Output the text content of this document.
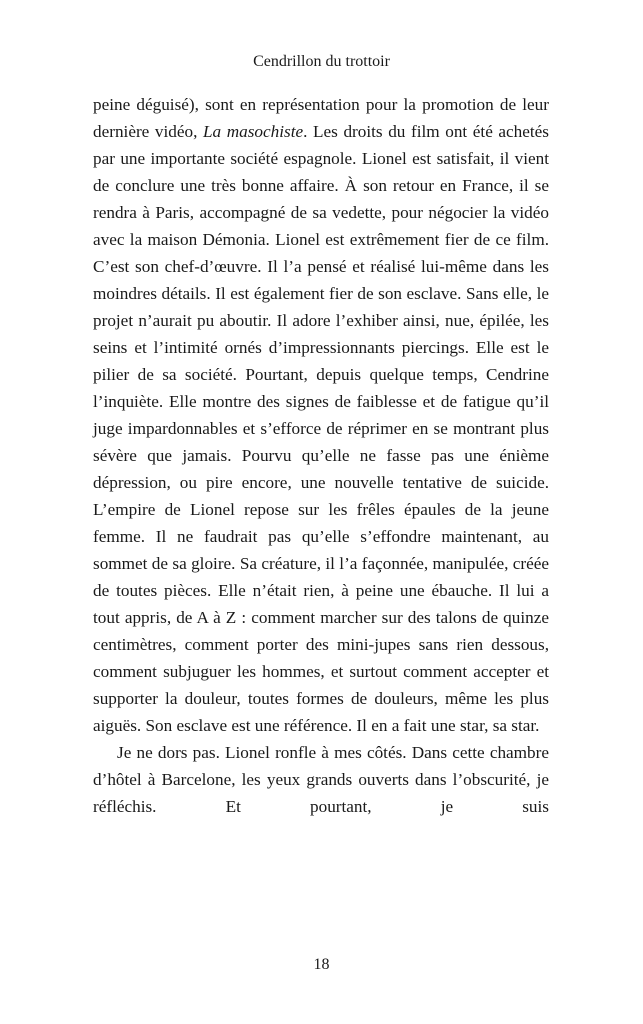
Cendrillon du trottoir

peine déguisé), sont en représentation pour la promotion de leur dernière vidéo, La masochiste. Les droits du film ont été achetés par une importante société espagnole. Lionel est satisfait, il vient de conclure une très bonne affaire. À son retour en France, il se rendra à Paris, accompagné de sa vedette, pour négocier la vidéo avec la maison Démonia. Lionel est extrêmement fier de ce film. C’est son chef-d’œuvre. Il l’a pensé et réalisé lui-même dans les moindres détails. Il est également fier de son esclave. Sans elle, le projet n’aurait pu aboutir. Il adore l’exhiber ainsi, nue, épilée, les seins et l’intimité ornés d’impressionnants piercings. Elle est le pilier de sa société. Pourtant, depuis quelque temps, Cendrine l’inquiète. Elle montre des signes de faiblesse et de fatigue qu’il juge impardonnables et s’efforce de réprimer en se montrant plus sévère que jamais. Pourvu qu’elle ne fasse pas une énième dépression, ou pire encore, une nouvelle tentative de suicide. L’empire de Lionel repose sur les frêles épaules de la jeune femme. Il ne faudrait pas qu’elle s’effondre maintenant, au sommet de sa gloire. Sa créature, il l’a façonnée, manipulée, créée de toutes pièces. Elle n’était rien, à peine une ébauche. Il lui a tout appris, de A à Z : comment marcher sur des talons de quinze centimètres, comment porter des mini-jupes sans rien dessous, comment subjuguer les hommes, et surtout comment accepter et supporter la douleur, toutes formes de douleurs, même les plus aiguës. Son esclave est une référence. Il en a fait une star, sa star.

Je ne dors pas. Lionel ronfle à mes côtés. Dans cette chambre d’hôtel à Barcelone, les yeux grands ouverts dans l’obscurité, je réfléchis. Et pourtant, je suis

18
